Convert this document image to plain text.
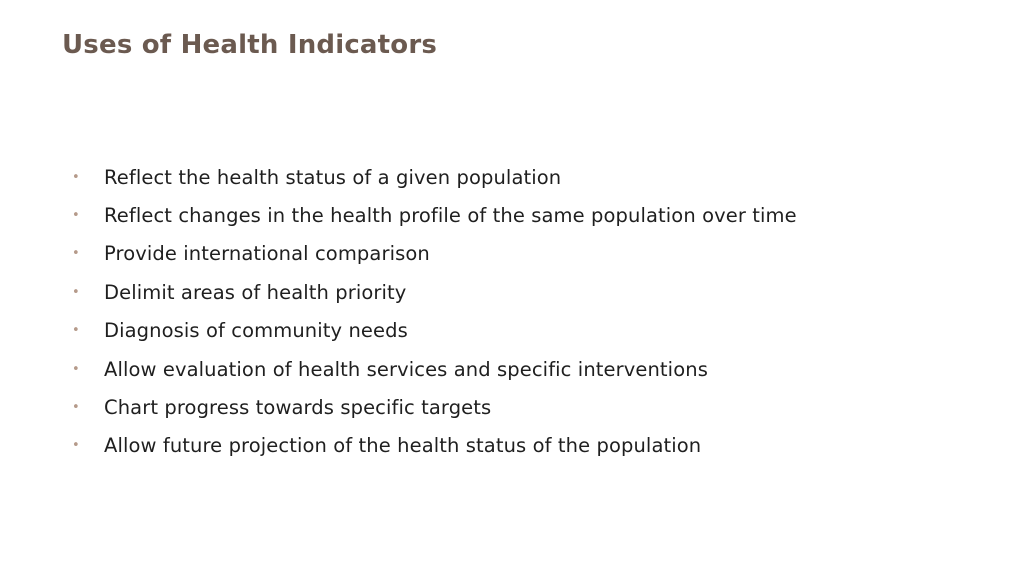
Uses of Health Indicators
•	Reflect the health status of a given population
•	Reflect changes in the health profile of the same population over time
•	Provide international comparison
•	Delimit areas of health priority
•	Diagnosis of community needs
•	Allow evaluation of health services and specific interventions
•	Chart progress towards specific targets
•	Allow future projection of the health status of the population
